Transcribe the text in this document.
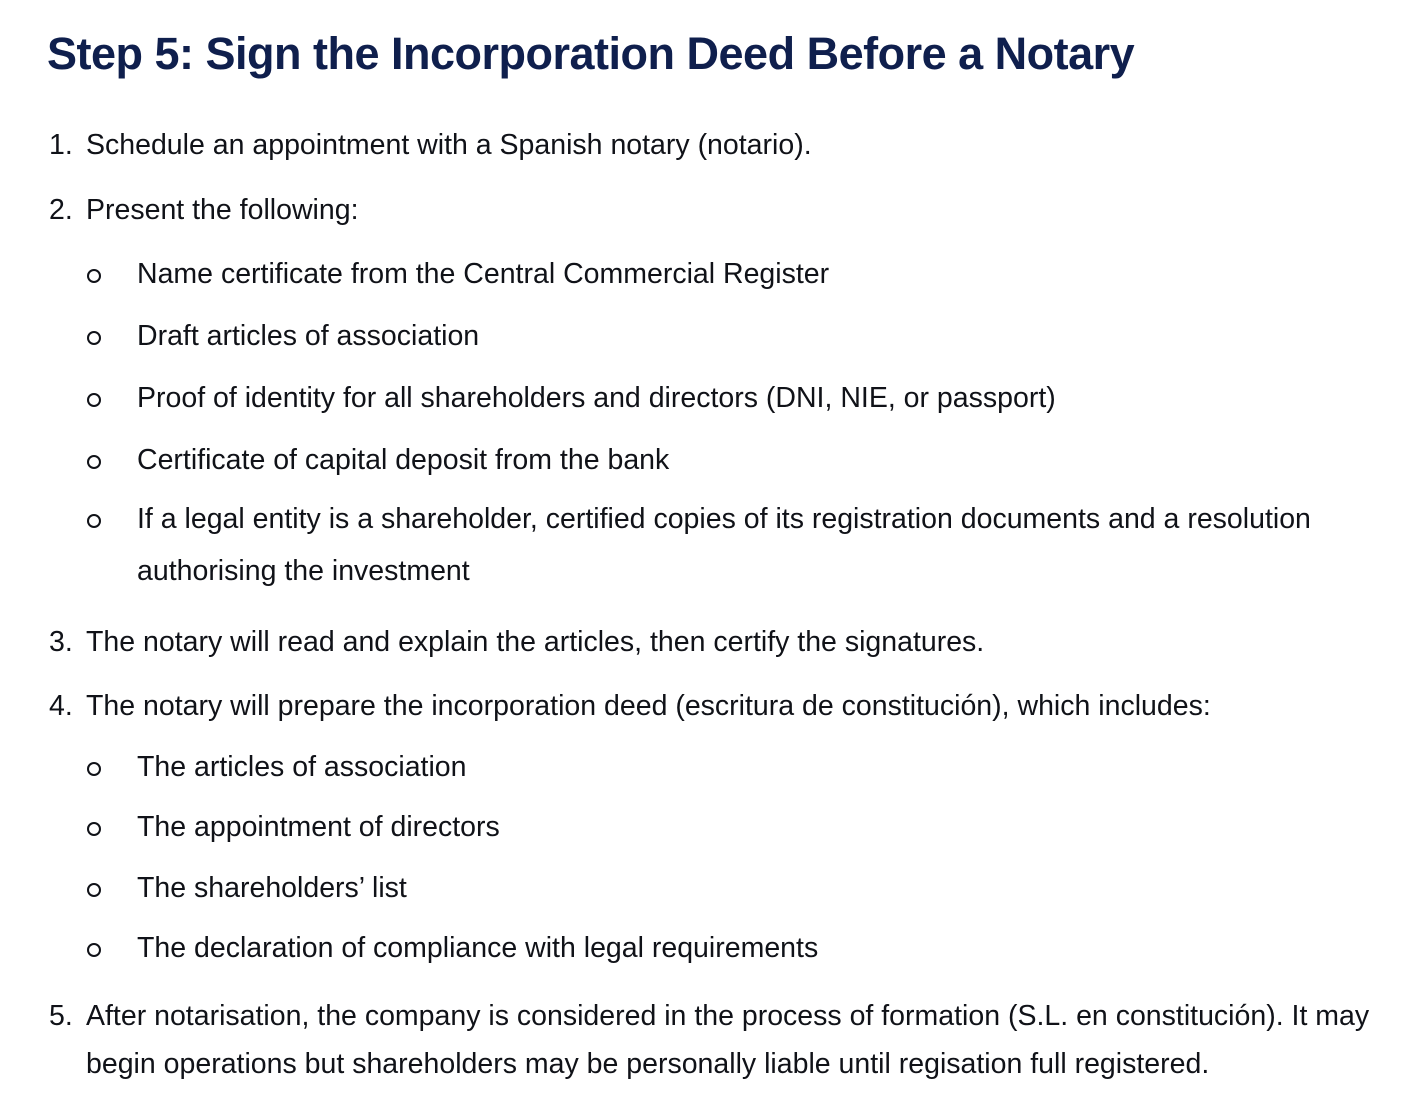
Step 5: Sign the Incorporation Deed Before a Notary
1. Schedule an appointment with a Spanish notary (notario).
2. Present the following:
Name certificate from the Central Commercial Register
Draft articles of association
Proof of identity for all shareholders and directors (DNI, NIE, or passport)
Certificate of capital deposit from the bank
If a legal entity is a shareholder, certified copies of its registration documents and a resolution authorising the investment
3. The notary will read and explain the articles, then certify the signatures.
4. The notary will prepare the incorporation deed (escritura de constitución), which includes:
The articles of association
The appointment of directors
The shareholders’ list
The declaration of compliance with legal requirements
5. After notarisation, the company is considered in the process of formation (S.L. en constitución). It may begin operations but shareholders may be personally liable until regisation full registered.
